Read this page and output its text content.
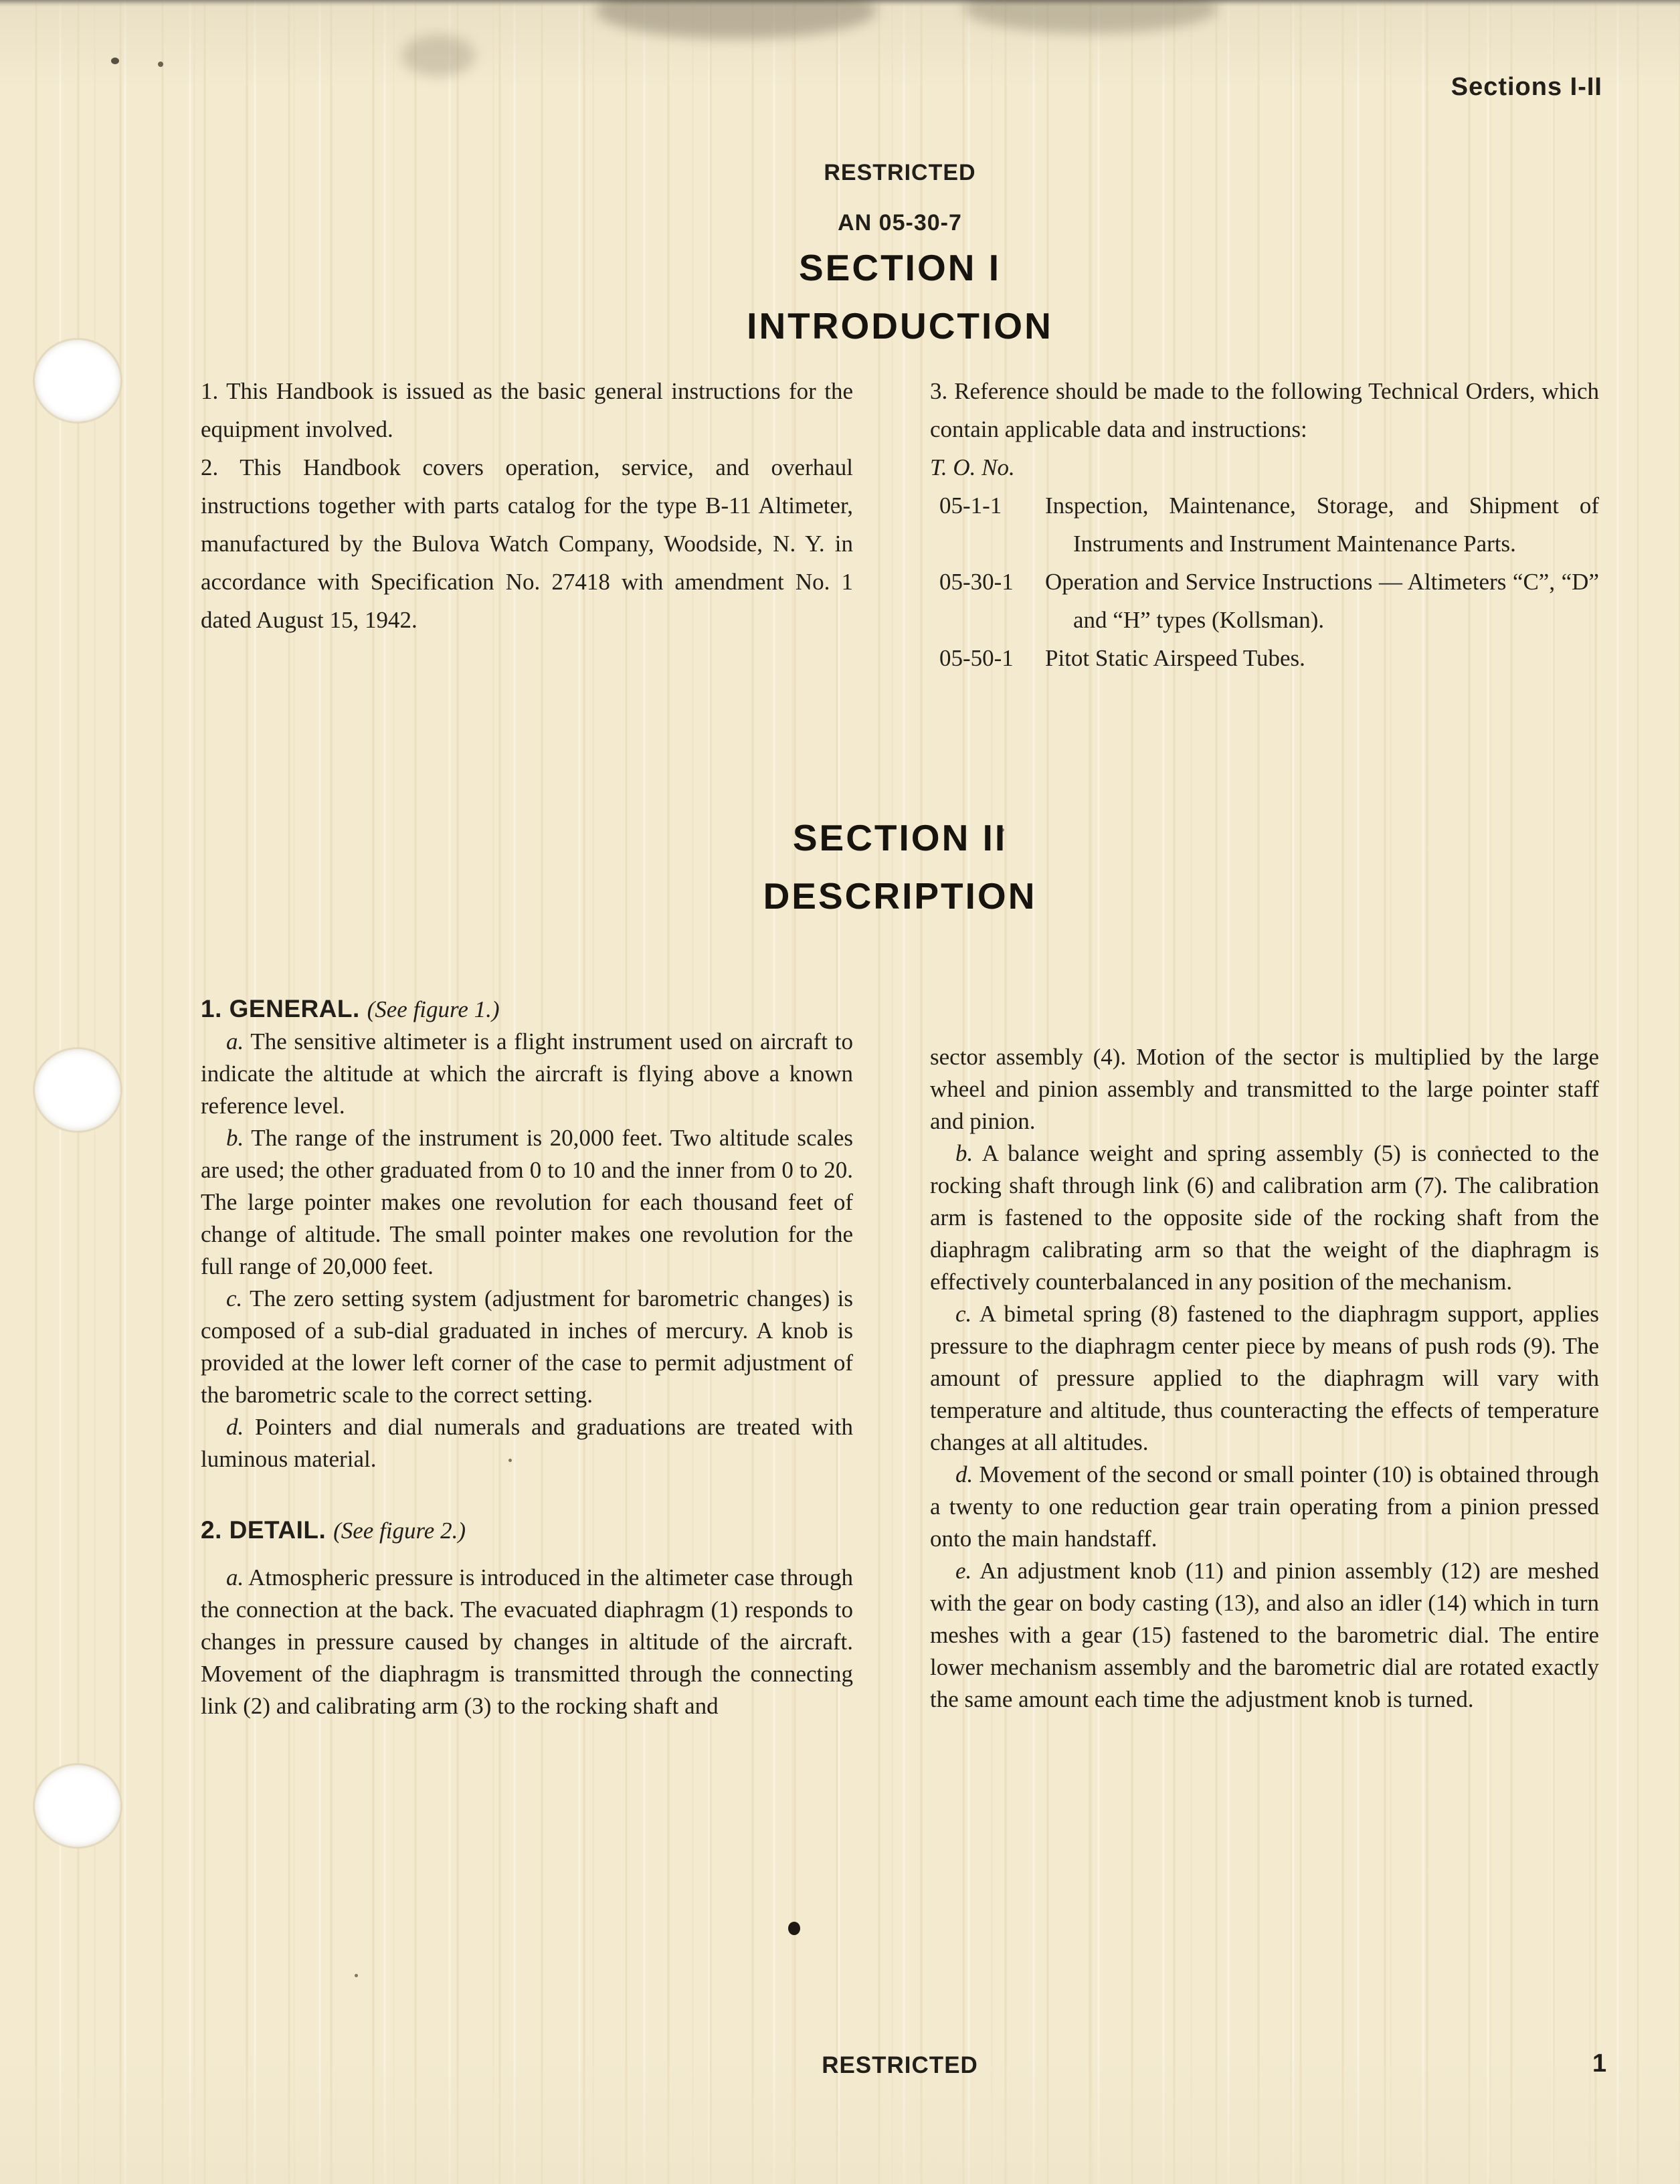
Sections I-II
RESTRICTED
AN 05-30-7
SECTION I
INTRODUCTION

1. This Handbook is issued as the basic general instructions for the equipment involved.

2. This Handbook covers operation, service, and overhaul instructions together with parts catalog for the type B-11 Altimeter, manufactured by the Bulova Watch Company, Woodside, N. Y. in accordance with Specification No. 27418 with amendment No. 1 dated August 15, 1942.

3. Reference should be made to the following Technical Orders, which contain applicable data and instructions:

T. O. No.

05-1-1 Inspection, Maintenance, Storage, and Shipment of Instruments and Instrument Maintenance Parts.
05-30-1 Operation and Service Instructions — Altimeters “C”, “D” and “H” types (Kollsman).
05-50-1 Pitot Static Airspeed Tubes.
SECTION II
DESCRIPTION

1. GENERAL. (See figure 1.)

a. The sensitive altimeter is a flight instrument used on aircraft to indicate the altitude at which the aircraft is flying above a known reference level.

b. The range of the instrument is 20,000 feet. Two altitude scales are used; the other graduated from 0 to 10 and the inner from 0 to 20. The large pointer makes one revolution for each thousand feet of change of altitude. The small pointer makes one revolution for the full range of 20,000 feet.

c. The zero setting system (adjustment for barometric changes) is composed of a sub-dial graduated in inches of mercury. A knob is provided at the lower left corner of the case to permit adjustment of the barometric scale to the correct setting.

d. Pointers and dial numerals and graduations are treated with luminous material.

2. DETAIL. (See figure 2.)

a. Atmospheric pressure is introduced in the altimeter case through the connection at the back. The evacuated diaphragm (1) responds to changes in pressure caused by changes in altitude of the aircraft. Movement of the diaphragm is transmitted through the connecting link (2) and calibrating arm (3) to the rocking shaft and

sector assembly (4). Motion of the sector is multiplied by the large wheel and pinion assembly and transmitted to the large pointer staff and pinion.

b. A balance weight and spring assembly (5) is connected to the rocking shaft through link (6) and calibration arm (7). The calibration arm is fastened to the opposite side of the rocking shaft from the diaphragm calibrating arm so that the weight of the diaphragm is effectively counterbalanced in any position of the mechanism.

c. A bimetal spring (8) fastened to the diaphragm support, applies pressure to the diaphragm center piece by means of push rods (9). The amount of pressure applied to the diaphragm will vary with temperature and altitude, thus counteracting the effects of temperature changes at all altitudes.

d. Movement of the second or small pointer (10) is obtained through a twenty to one reduction gear train operating from a pinion pressed onto the main handstaff.

e. An adjustment knob (11) and pinion assembly (12) are meshed with the gear on body casting (13), and also an idler (14) which in turn meshes with a gear (15) fastened to the barometric dial. The entire lower mechanism assembly and the barometric dial are rotated exactly the same amount each time the adjustment knob is turned.

RESTRICTED	1
